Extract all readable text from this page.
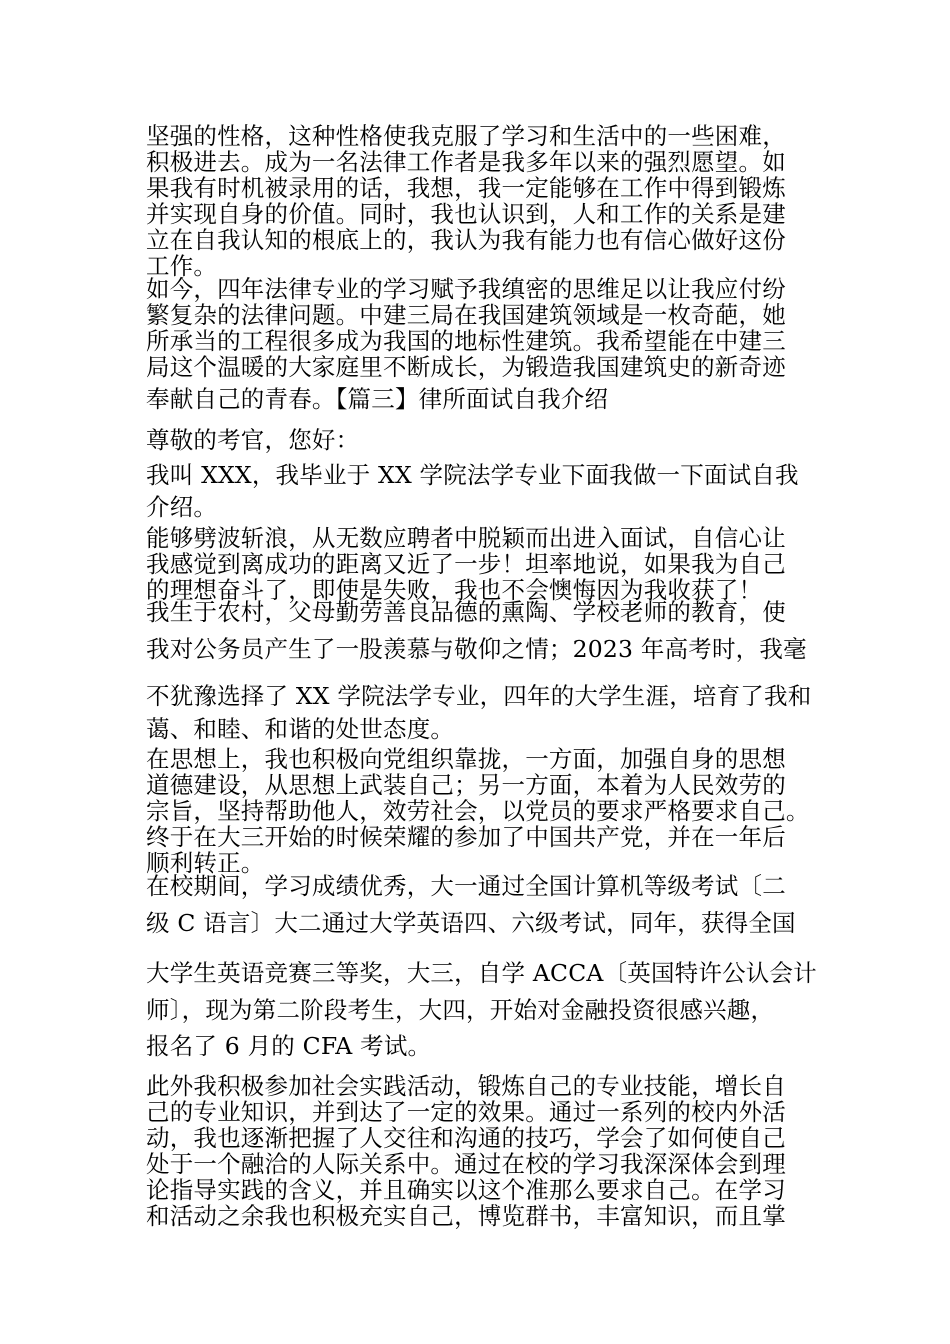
坚强的性格，这种性格使我克服了学习和生活中的一些困难，

积极进去。成为一名法律工作者是我多年以来的强烈愿望。如

果我有时机被录用的话，我想，我一定能够在工作中得到锻炼

并实现自身的价值。同时，我也认识到，人和工作的关系是建

立在自我认知的根底上的，我认为我有能力也有信心做好这份

工作。

如今，四年法律专业的学习赋予我缜密的思维足以让我应付纷

繁复杂的法律问题。中建三局在我国建筑领域是一枚奇葩，她

所承当的工程很多成为我国的地标性建筑。我希望能在中建三

局这个温暖的大家庭里不断成长，为锻造我国建筑史的新奇迹

奉献自己的青春。【篇三】律所面试自我介绍

尊敬的考官，您好：

我叫 XXX，我毕业于 XX 学院法学专业下面我做一下面试自我

介绍。

能够劈波斩浪，从无数应聘者中脱颖而出进入面试，自信心让

我感觉到离成功的距离又近了一步！坦率地说，如果我为自己

的理想奋斗了，即使是失败，我也不会懊悔因为我收获了！

我生于农村，父母勤劳善良品德的熏陶、学校老师的教育，使

我对公务员产生了一股羡慕与敬仰之情；2023 年高考时，我毫

不犹豫选择了 XX 学院法学专业，四年的大学生涯，培育了我和

蔼、和睦、和谐的处世态度。

在思想上，我也积极向党组织靠拢，一方面，加强自身的思想

道德建设，从思想上武装自己；另一方面，本着为人民效劳的

宗旨，坚持帮助他人，效劳社会，以党员的要求严格要求自己。

终于在大三开始的时候荣耀的参加了中国共产党，并在一年后

顺利转正。

在校期间，学习成绩优秀，大一通过全国计算机等级考试〔二

级 C 语言〕大二通过大学英语四、六级考试，同年，获得全国

大学生英语竞赛三等奖，大三，自学 ACCA〔英国特许公认会计

师〕，现为第二阶段考生，大四，开始对金融投资很感兴趣，

报名了 6 月的 CFA 考试。

此外我积极参加社会实践活动，锻炼自己的专业技能，增长自

己的专业知识，并到达了一定的效果。通过一系列的校内外活

动，我也逐渐把握了人交往和沟通的技巧，学会了如何使自己

处于一个融洽的人际关系中。通过在校的学习我深深体会到理

论指导实践的含义，并且确实以这个准那么要求自己。在学习

和活动之余我也积极充实自己，博览群书，丰富知识，而且掌
